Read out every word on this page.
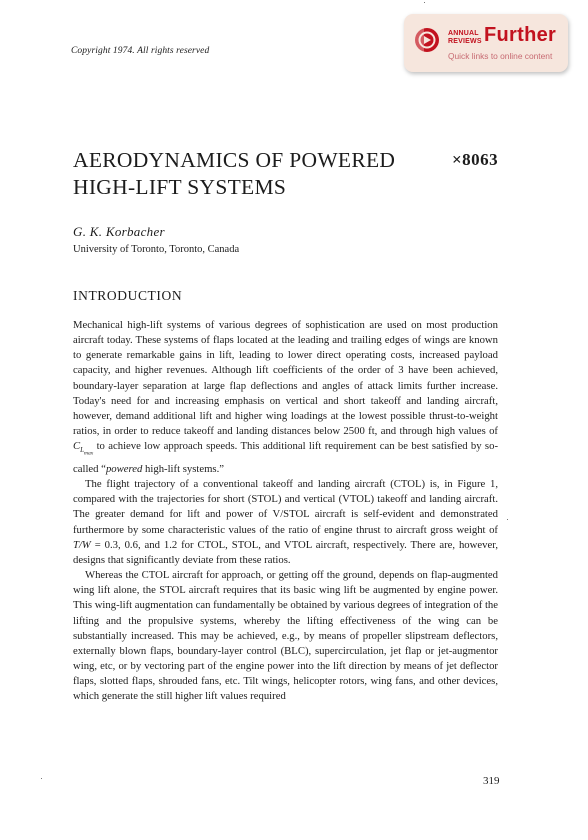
Copyright 1974. All rights reserved
ANNUAL REVIEWS Further
Quick links to online content
AERODYNAMICS OF POWERED HIGH-LIFT SYSTEMS
×8063
G. K. Korbacher
University of Toronto, Toronto, Canada
INTRODUCTION

Mechanical high-lift systems of various degrees of sophistication are used on most production aircraft today. These systems of flaps located at the leading and trailing edges of wings are known to generate remarkable gains in lift, leading to lower direct operating costs, increased payload capacity, and higher revenues. Although lift coefficients of the order of 3 have been achieved, boundary-layer separation at large flap deflections and angles of attack limits further increase. Today's need for and increasing emphasis on vertical and short takeoff and landing aircraft, however, demand additional lift and higher wing loadings at the lowest possible thrust-to-weight ratios, in order to reduce takeoff and landing distances below 2500 ft, and through high values of $C_{L_{max}}$ to achieve low approach speeds. This additional lift requirement can be best satisfied by so-called “powered high-lift systems.”

The flight trajectory of a conventional takeoff and landing aircraft (CTOL) is, in Figure 1, compared with the trajectories for short (STOL) and vertical (VTOL) takeoff and landing aircraft. The greater demand for lift and power of V/STOL aircraft is self-evident and demonstrated furthermore by some characteristic values of the ratio of engine thrust to aircraft gross weight of T/W = 0.3, 0.6, and 1.2 for CTOL, STOL, and VTOL aircraft, respectively. There are, however, designs that significantly deviate from these ratios.

Whereas the CTOL aircraft for approach, or getting off the ground, depends on flap-augmented wing lift alone, the STOL aircraft requires that its basic wing lift be augmented by engine power. This wing-lift augmentation can fundamentally be obtained by various degrees of integration of the lifting and the propulsive systems, whereby the lifting effectiveness of the wing can be substantially increased. This may be achieved, e.g., by means of propeller slipstream deflectors, externally blown flaps, boundary-layer control (BLC), supercirculation, jet flap or jet-augmentor wing, etc, or by vectoring part of the engine power into the lift direction by means of jet deflector flaps, slotted flaps, shrouded fans, etc. Tilt wings, helicopter rotors, wing fans, and other devices, which generate the still higher lift values required

319
